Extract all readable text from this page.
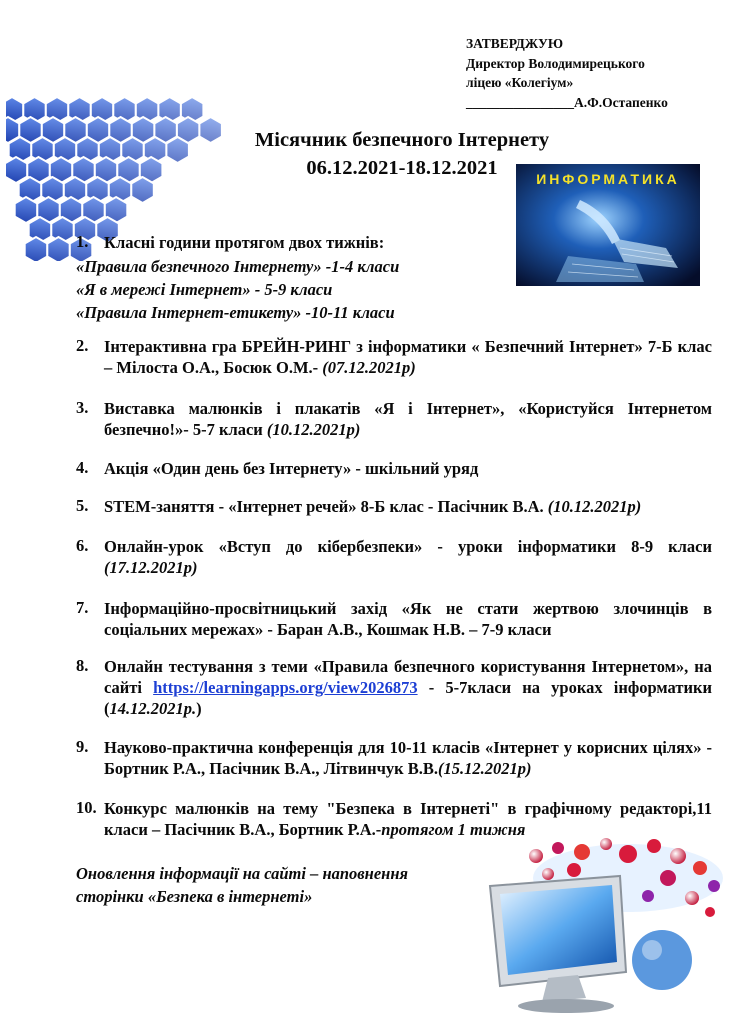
ЗАТВЕРДЖУЮ
Директор Володимирецького
ліцею «Колегіум»
________________А.Ф.Остапенко
Місячник безпечного Інтернету
06.12.2021-18.12.2021	ИНФОРМАТИКА
1. Класні години протягом двох тижнів:
«Правила безпечного Інтернету» -1-4 класи
«Я в мережі Інтернет» - 5-9 класи
«Правила Інтернет-етикету» -10-11 класи
2. Інтерактивна гра БРЕЙН-РИНГ з інформатики « Безпечний Інтернет» 7-Б клас – Мілоста О.А., Босюк О.М.- (07.12.2021р)
3. Виставка малюнків і плакатів «Я і Інтернет», «Користуйся Інтернетом безпечно!»- 5-7 класи (10.12.2021р)
4. Акція «Один день без Інтернету» - шкільний уряд
5. STEM-заняття - «Інтернет речей» 8-Б клас - Пасічник В.А. (10.12.2021р)
6. Онлайн-урок «Вступ до кібербезпеки» - уроки інформатики 8-9 класи (17.12.2021р)
7. Інформаційно-просвітницький захід «Як не стати жертвою злочинців в соціальних мережах» - Баран А.В., Кошмак Н.В. – 7-9 класи
8. Онлайн тестування з теми «Правила безпечного користування Інтернетом», на сайті https://learningapps.org/view2026873 - 5-7класи на уроках інформатики (14.12.2021р.)
9. Науково-практична конференція для 10-11 класів «Інтернет у корисних цілях» - Бортник Р.А., Пасічник В.А., Літвинчук В.В.(15.12.2021р)
10. Конкурс малюнків на тему "Безпека в Інтернеті" в графічному редакторі,11 класи – Пасічник В.А., Бортник Р.А.-протягом 1 тижня
Оновлення інформації на сайті – наповнення
сторінки «Безпека в інтернеті»
